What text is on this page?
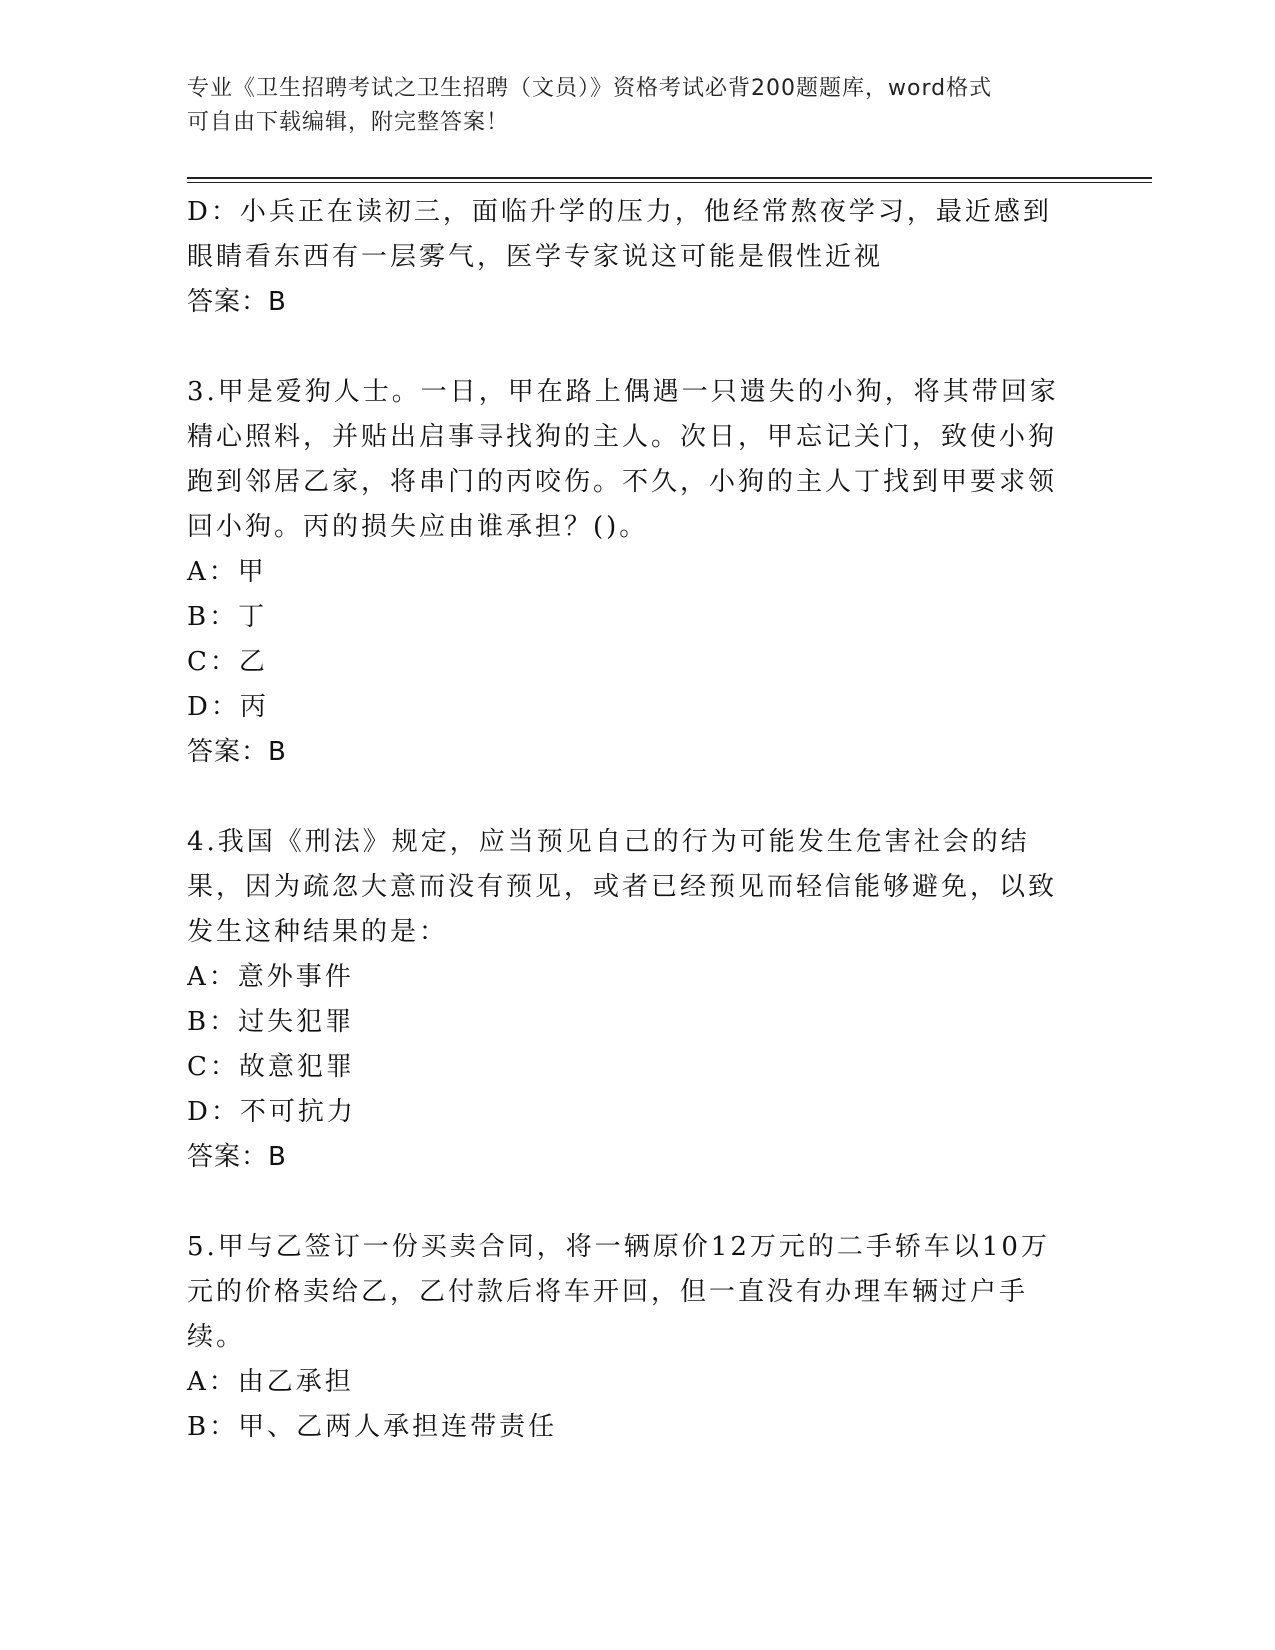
专业《卫生招聘考试之卫生招聘（文员）》资格考试必背200题题库，word格式
可自由下载编辑，附完整答案！

D：小兵正在读初三，面临升学的压力，他经常熬夜学习，最近感到眼睛看东西有一层雾气，医学专家说这可能是假性近视

答案：B

3.甲是爱狗人士。一日，甲在路上偶遇一只遗失的小狗，将其带回家精心照料，并贴出启事寻找狗的主人。次日，甲忘记关门，致使小狗跑到邻居乙家，将串门的丙咬伤。不久，小狗的主人丁找到甲要求领回小狗。丙的损失应由谁承担？()。

A：甲

B：丁

C：乙

D：丙

答案：B

4.我国《刑法》规定，应当预见自己的行为可能发生危害社会的结果，因为疏忽大意而没有预见，或者已经预见而轻信能够避免，以致发生这种结果的是：

A：意外事件

B：过失犯罪

C：故意犯罪

D：不可抗力

答案：B

5.甲与乙签订一份买卖合同，将一辆原价12万元的二手轿车以10万元的价格卖给乙，乙付款后将车开回，但一直没有办理车辆过户手续。

A：由乙承担

B：甲、乙两人承担连带责任
